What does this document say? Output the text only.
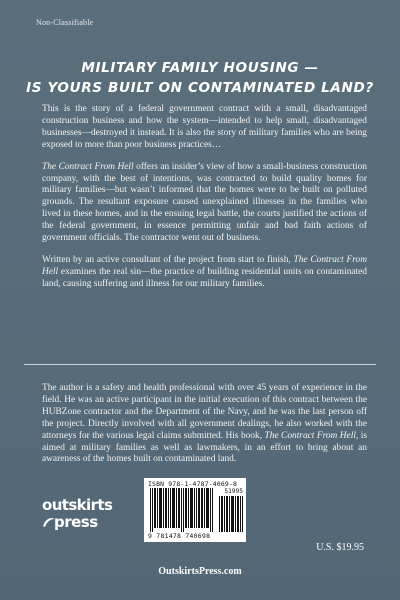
Non-Classifiable
MILITARY FAMILY HOUSING —
IS YOURS BUILT ON CONTAMINATED LAND?

This is the story of a federal government contract with a small, disadvantaged construction business and how the system—intended to help small, disadvantaged businesses—destroyed it instead. It is also the story of military families who are being exposed to more than poor business practices…

The Contract From Hell offers an insider’s view of how a small-business construction company, with the best of intentions, was contracted to build quality homes for military families—but wasn’t informed that the homes were to be built on polluted grounds. The resultant exposure caused unexplained illnesses in the families who lived in these homes, and in the ensuing legal battle, the courts justified the actions of the federal government, in essence permitting unfair and bad faith actions of government officials. The contractor went out of business.

Written by an active consultant of the project from start to finish, The Contract From Hell examines the real sin—the practice of building residential units on contaminated land, causing suffering and illness for our military families.

The author is a safety and health professional with over 45 years of experience in the field. He was an active participant in the initial execution of this contract between the HUBZone contractor and the Department of the Navy, and he was the last person off the project. Directly involved with all government dealings, he also worked with the attorneys for the various legal claims submitted. His book, The Contract From Hell, is aimed at military families as well as lawmakers, in an effort to bring about an awareness of the homes built on contaminated land.

ISBN 978-1-4787-4069-8
51995
9 781478 740698
outskirts
press
U.S. $19.95
OutskirtsPress.com
